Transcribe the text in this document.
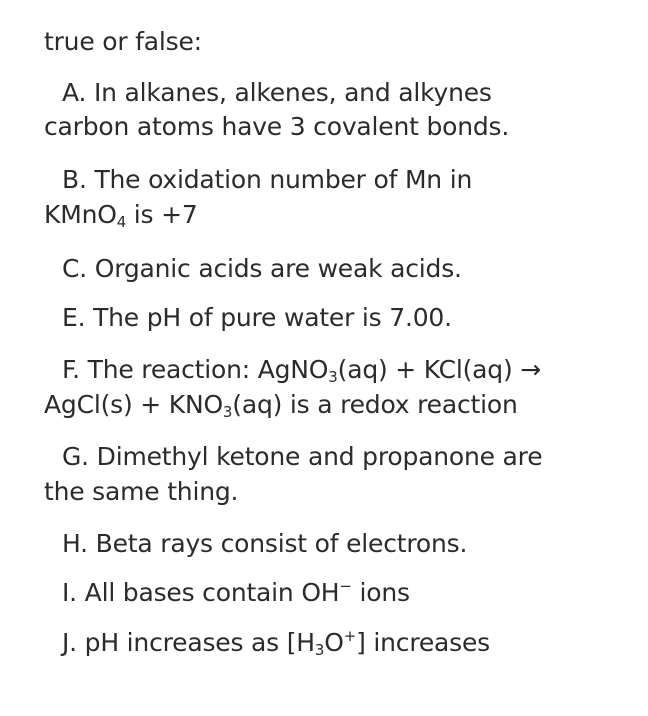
true or false:
A. In alkanes, alkenes, and alkynes
carbon atoms have 3 covalent bonds.
B. The oxidation number of Mn in
KMnO$_4$ is +7
C. Organic acids are weak acids.
E. The pH of pure water is 7.00.
F. The reaction: AgNO$_3$(aq) + KCl(aq) →
AgCl(s) + $KNO_3(aq)$ is a redox reaction
G. Dimethyl ketone and propanone are
the same thing.
H. Beta rays consist of electrons.
I. All bases contain OH− ions
J. pH increases as $[H_3O^+]$ increases
